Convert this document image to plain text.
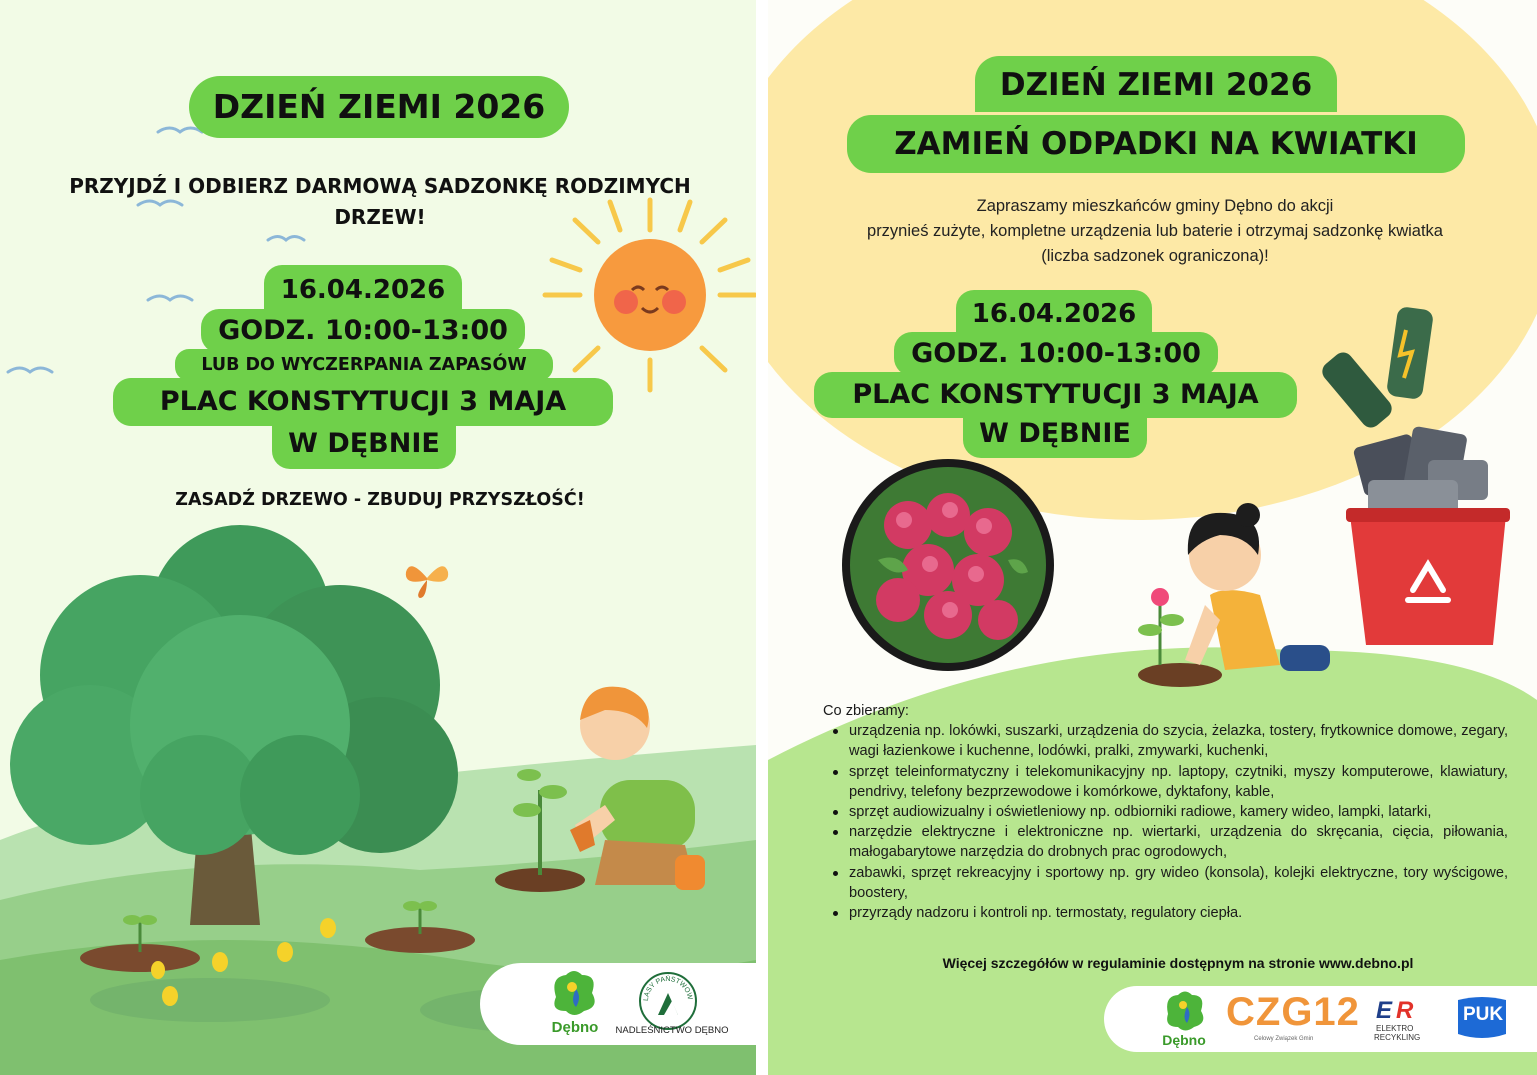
DZIEŃ ZIEMI 2026
PRZYJDŹ I ODBIERZ DARMOWĄ SADZONKĘ RODZIMYCH DRZEW!
16.04.2026
GODZ. 10:00-13:00
LUB DO WYCZERPANIA ZAPASÓW
PLAC KONSTYTUCJI 3 MAJA
W DĘBNIE
ZASADŹ DRZEWO - ZBUDUJ PRZYSZŁOŚĆ!
Dębno
LASY PAŃSTWOWE
NADLEŚNICTWO DĘBNO
DZIEŃ ZIEMI 2026
ZAMIEŃ ODPADKI NA KWIATKI
Zapraszamy mieszkańców gminy Dębno do akcji
przynieś zużyte, kompletne urządzenia lub baterie i otrzymaj sadzonkę kwiatka
(liczba sadzonek ograniczona)!
16.04.2026
GODZ. 10:00-13:00
PLAC KONSTYTUCJI 3 MAJA
W DĘBNIE
Co zbieramy:
urządzenia np. lokówki, suszarki, urządzenia do szycia, żelazka, tostery, frytkownice domowe, zegary, wagi łazienkowe i kuchenne, lodówki, pralki, zmywarki, kuchenki,
sprzęt teleinformatyczny i telekomunikacyjny np. laptopy, czytniki, myszy komputerowe, klawiatury, pendrivy, telefony bezprzewodowe i komórkowe, dyktafony, kable,
sprzęt audiowizualny i oświetleniowy np. odbiorniki radiowe, kamery wideo, lampki, latarki,
narzędzie elektryczne i elektroniczne np. wiertarki, urządzenia do skręcania, cięcia, piłowania, małogabarytowe narzędzia do drobnych prac ogrodowych,
zabawki, sprzęt rekreacyjny i sportowy np. gry wideo (konsola), kolejki elektryczne, tory wyścigowe, boostery,
przyrządy nadzoru i kontroli np. termostaty, regulatory ciepła.
Więcej szczegółów w regulaminie dostępnym na stronie www.debno.pl
Dębno
CZG12
Celowy Związek Gmin
E R
ELEKTRO
RECYKLING
PUK
